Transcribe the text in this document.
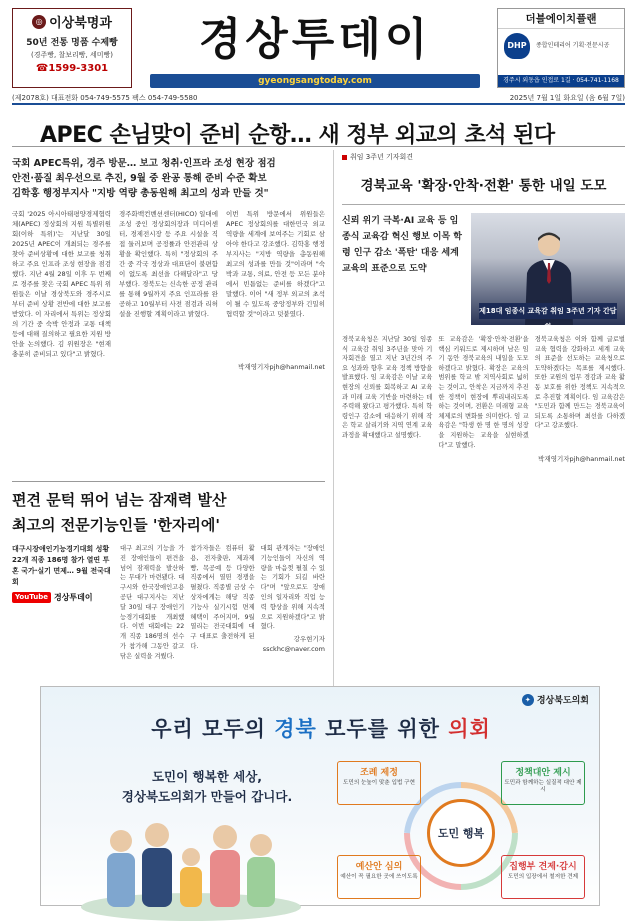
◎ 이상북명과
50년 전통 명품 수제빵
(경주빵, 찰보리빵, 세미빵)
☎1599-3301
경상투데이
gyeongsangtoday.com
더블에이치플랜
DHP	종합인테리어 기획·전문시공
경주시 외동읍 인접로 1길 · 054-741-1168
(제2078호) 대표전화 054-749-5575 팩스 054-749-5580	2025년 7월 1일 화요일 (음 6월 7일)
APEC 손님맞이 준비 순항… 새 정부 외교의 초석 된다
국회 APEC특위, 경주 방문… 보고 청취·인프라 조성 현장 점검
안전·품질 최우선으로 추진, 9월 중 완공 통해 준비 수준 확보
김학홍 행정부지사 "지방 역량 총동원해 최고의 성과 만들 것"
국회 '2025 아시아태평양경제협력체(APEC) 정상회의 지원 특별위원회(이하 특위)'는 지난달 30일 2025년 APEC이 개최되는 경주를 찾아 준비상황에 대한 보고를 청취하고 주요 인프라 조성 현장을 점검했다. 지난 4월 28일 이후 두 번째로 경주를 찾은 국회 APEC 특위 위원들은 이날 경상북도와 경주시로부터 준비 상황 전반에 대한 보고를 받았다. 이 자리에서 특위는 정상회의 기간 중 숙박 안정과 교통 대책 등에 대해 질의하고 필요한 지원 방안을 논의했다. 김 위원장은 "현재 충분히 준비되고 있다"고 밝혔다.
경주화백컨벤션센터(HICO) 일대에 조성 중인 정상회의장과 미디어센터, 경제전시장 등 주요 시설을 직접 둘러보며 공정률과 안전관리 상황을 확인했다. 특히 "정상회의 주간 중 각국 정상과 대표단이 불편함이 없도록 최선을 다해달라"고 당부했다. 경북도는 신속한 공정 관리를 통해 9월까지 주요 인프라를 완공하고 10월부터 사전 점검과 리허설을 진행할 계획이라고 밝혔다.
이번 특위 방문에서 위원들은 APEC 정상회의를 대한민국 외교 역량을 세계에 보여주는 기회로 삼아야 한다고 강조했다. 김학홍 행정부지사는 "지방 역량을 총동원해 최고의 성과를 만들 것"이라며 "숙박과 교통, 의료, 안전 등 모든 분야에서 빈틈없는 준비를 하겠다"고 말했다. 이어 "새 정부 외교의 초석이 될 수 있도록 중앙정부와 긴밀히 협력할 것"이라고 덧붙였다.
박재영기자pjh@hanmail.net
취임 3주년 기자회견
경북교육 '확장·안착·전환' 통한 내일 도모
신뢰 위기 극복·AI 교육 등 임종식 교육감 혁신 행보 이목 학령 인구 감소 '폭탄' 대응 세계 교육의 표준으로 도약
제18대 임종식 교육감 취임 3주년 기자 간담회
경북교육청은 지난달 30일 임종식 교육감 취임 3주년을 맞아 기자회견을 열고 지난 3년간의 주요 성과와 향후 교육 정책 방향을 발표했다. 임 교육감은 이날 교육 현장의 신뢰를 회복하고 AI 교육과 미래 교육 기반을 마련하는 데 주력해 왔다고 평가했다. 특히 학령인구 감소에 대응하기 위해 작은 학교 살리기와 지역 연계 교육과정을 확대했다고 설명했다.
또 교육감은 '확장·안착·전환'을 핵심 키워드로 제시하며 남은 임기 동안 경북교육의 내일을 도모하겠다고 밝혔다. 확장은 교육의 범위를 학교 밖 지역사회로 넓히는 것이고, 안착은 지금까지 추진한 정책이 현장에 뿌리내리도록 하는 것이며, 전환은 미래형 교육 체제로의 변화를 의미한다. 임 교육감은 "학생 한 명 한 명의 성장을 지원하는 교육을 실현하겠다"고 말했다.
경북교육청은 이와 함께 글로벌 교육 협력을 강화하고 세계 교육의 표준을 선도하는 교육청으로 도약하겠다는 목표를 제시했다. 또한 교원의 업무 경감과 교육 활동 보호를 위한 정책도 지속적으로 추진할 계획이다. 임 교육감은 "도민과 함께 만드는 경북교육이 되도록 소통하며 최선을 다하겠다"고 강조했다.
박재영기자pjh@hanmail.net
편견 문턱 뛰어 넘는 잠재력 발산
최고의 전문기능인들 '한자리에'
대구시장애인기능경기대회 성황 22개 직종 186명 참가 열띤 투혼 국가·실기 면제… 9월 전국대회
YouTube 경상투데이
대구 최고의 기능을 가진 장애인들이 편견을 넘어 잠재력을 발산하는 무대가 마련됐다. 대구시와 한국장애인고용공단 대구지사는 지난달 30일 대구 장애인기능경기대회를 개최했다. 이번 대회에는 22개 직종 186명의 선수가 참가해 그동안 갈고닦은 실력을 겨뤘다.
참가자들은 컴퓨터 활용, 전자출판, 제과제빵, 목공예 등 다양한 직종에서 열띤 경쟁을 펼쳤다. 직종별 금상 수상자에게는 해당 직종 기능사 실기시험 면제 혜택이 주어지며, 9월 열리는 전국대회에 대구 대표로 출전하게 된다.
대회 관계자는 "장애인 기능인들이 자신의 역량을 마음껏 펼칠 수 있는 기회가 되길 바란다"며 "앞으로도 장애인의 일자리와 직업 능력 향상을 위해 지속적으로 지원하겠다"고 밝혔다.
강우현기자ssckhc@naver.com
✦ 경상북도의회
우리 모두의 경북 모두를 위한 의회
도민이 행복한 세상,
경상북도의회가 만들어 갑니다.
조례 제정
도민의 눈높이 맞춘 입법 구현
정책대안 제시
도민과 함께하는 실질적 대안 제시
예산안 심의
예산이 꼭 필요한 곳에 쓰이도록
집행부 견제·감시
도민의 입장에서 철저한 견제
도민 행복
